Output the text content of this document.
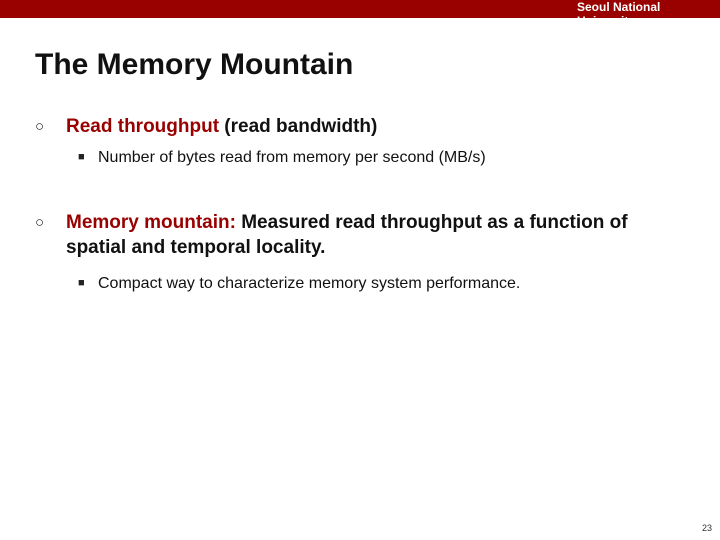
Seoul National University
The Memory Mountain
○ Read throughput (read bandwidth)
■ Number of bytes read from memory per second (MB/s)
○ Memory mountain: Measured read throughput as a function of spatial and temporal locality.
■ Compact way to characterize memory system performance.
23
